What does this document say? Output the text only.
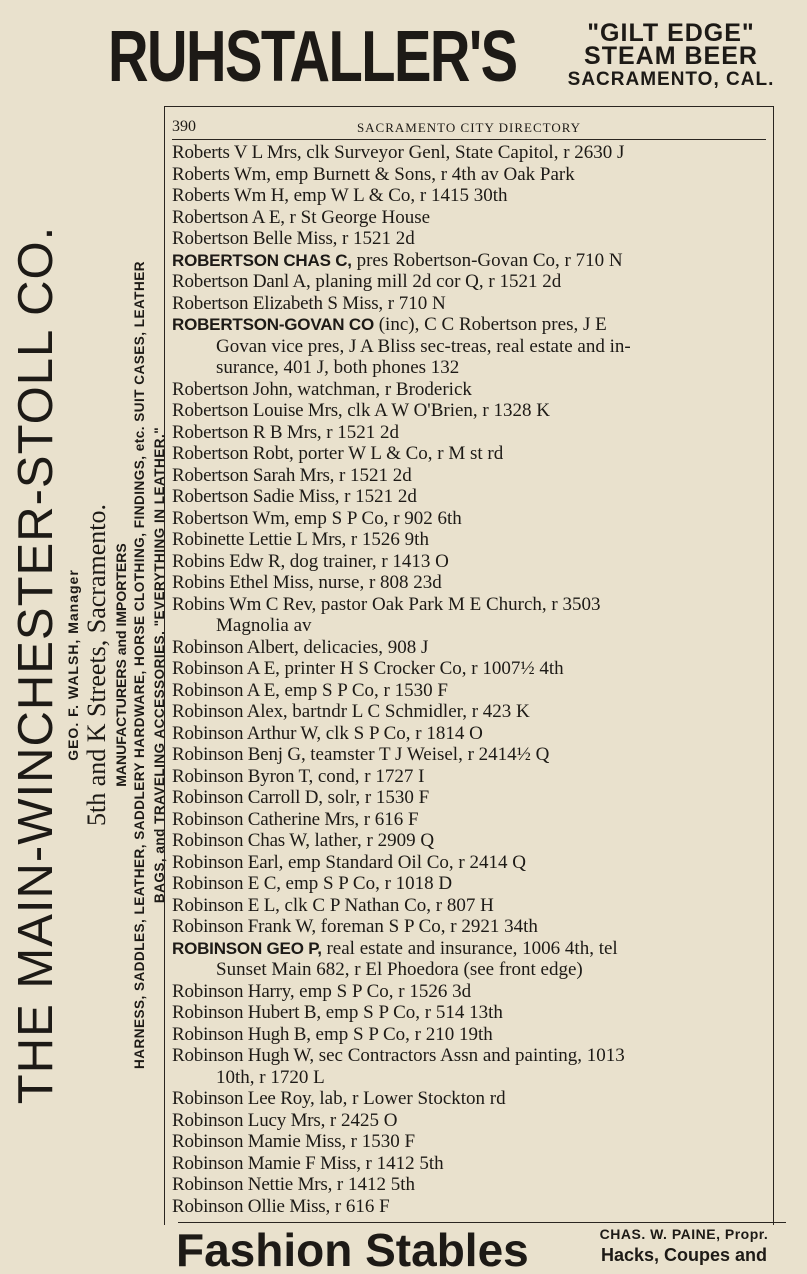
RUHSTALLER'S	"GILT EDGE"
STEAM BEER
SACRAMENTO, CAL.
THE MAIN-WINCHESTER-STOLL CO. GEO. F. WALSH, Manager 5th and K Streets, Sacramento. MANUFACTURERS and IMPORTERS HARNESS, SADDLES, LEATHER, SADDLERY HARDWARE, HORSE CLOTHING, FINDINGS, etc. SUIT CASES, LEATHER BAGS, and TRAVELING ACCESSORIES. "EVERYTHING IN LEATHER."
390	SACRAMENTO CITY DIRECTORY
Roberts V L Mrs, clk Surveyor Genl, State Capitol, r 2630 J
Roberts Wm, emp Burnett & Sons, r 4th av Oak Park
Roberts Wm H, emp W L & Co, r 1415 30th
Robertson A E, r St George House
Robertson Belle Miss, r 1521 2d
ROBERTSON CHAS C, pres Robertson-Govan Co, r 710 N
Robertson Danl A, planing mill 2d cor Q, r 1521 2d
Robertson Elizabeth S Miss, r 710 N
ROBERTSON-GOVAN CO (inc), C C Robertson pres, J E
Govan vice pres, J A Bliss sec-treas, real estate and in-
surance, 401 J, both phones 132
Robertson John, watchman, r Broderick
Robertson Louise Mrs, clk A W O'Brien, r 1328 K
Robertson R B Mrs, r 1521 2d
Robertson Robt, porter W L & Co, r M st rd
Robertson Sarah Mrs, r 1521 2d
Robertson Sadie Miss, r 1521 2d
Robertson Wm, emp S P Co, r 902 6th
Robinette Lettie L Mrs, r 1526 9th
Robins Edw R, dog trainer, r 1413 O
Robins Ethel Miss, nurse, r 808 23d
Robins Wm C Rev, pastor Oak Park M E Church, r 3503
Magnolia av
Robinson Albert, delicacies, 908 J
Robinson A E, printer H S Crocker Co, r 1007½ 4th
Robinson A E, emp S P Co, r 1530 F
Robinson Alex, bartndr L C Schmidler, r 423 K
Robinson Arthur W, clk S P Co, r 1814 O
Robinson Benj G, teamster T J Weisel, r 2414½ Q
Robinson Byron T, cond, r 1727 I
Robinson Carroll D, solr, r 1530 F
Robinson Catherine Mrs, r 616 F
Robinson Chas W, lather, r 2909 Q
Robinson Earl, emp Standard Oil Co, r 2414 Q
Robinson E C, emp S P Co, r 1018 D
Robinson E L, clk C P Nathan Co, r 807 H
Robinson Frank W, foreman S P Co, r 2921 34th
ROBINSON GEO P, real estate and insurance, 1006 4th, tel
Sunset Main 682, r El Phoedora (see front edge)
Robinson Harry, emp S P Co, r 1526 3d
Robinson Hubert B, emp S P Co, r 514 13th
Robinson Hugh B, emp S P Co, r 210 19th
Robinson Hugh W, sec Contractors Assn and painting, 1013
10th, r 1720 L
Robinson Lee Roy, lab, r Lower Stockton rd
Robinson Lucy Mrs, r 2425 O
Robinson Mamie Miss, r 1530 F
Robinson Mamie F Miss, r 1412 5th
Robinson Nettie Mrs, r 1412 5th
Robinson Ollie Miss, r 616 F
Fashion Stables	CHAS. W. PAINE, Propr.
Hacks, Coupes and
